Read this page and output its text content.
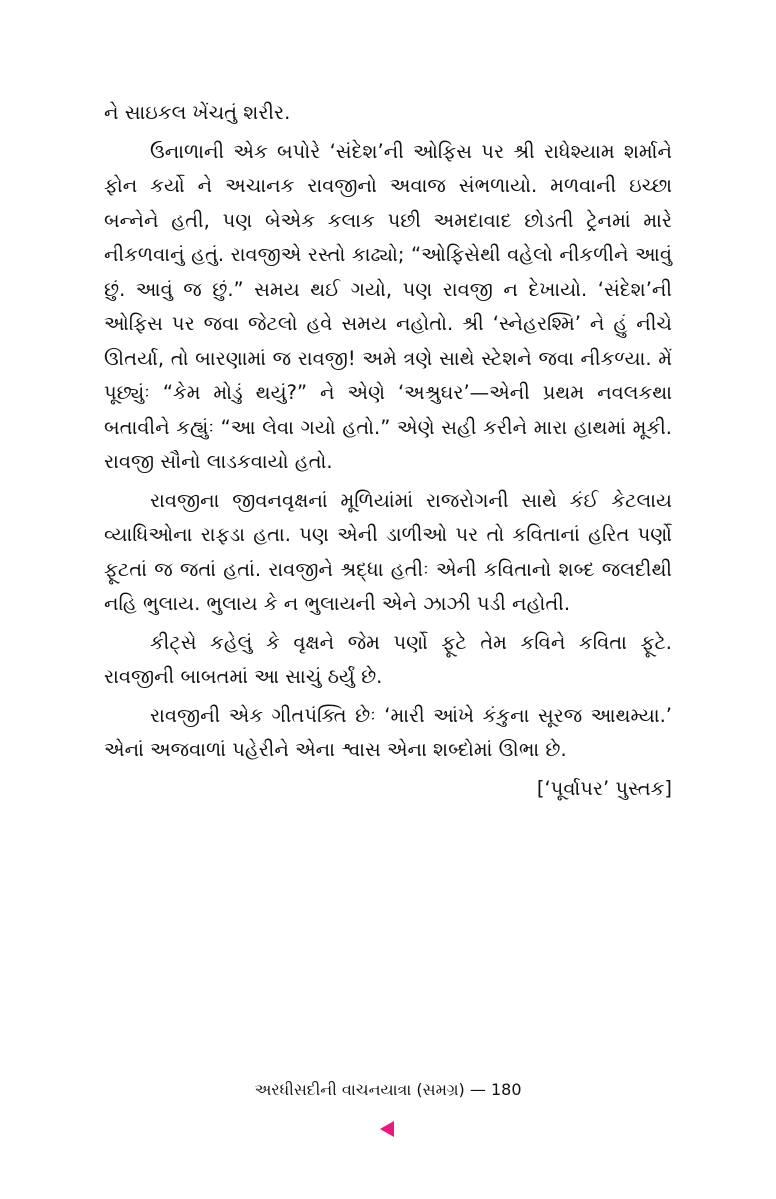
ને સાઇકલ ખેંચતું શરીર.

ઉનાળાની એક બપોરે ‘સંદેશ’ની ઓફિસ પર શ્રી રાધેશ્યામ શર્માને ફોન કર્યો ને અચાનક રાવજીનો અવાજ સંભળાયો. મળવાની ઇચ્છા બન્નેને હતી, પણ બેએક કલાક પછી અમદાવાદ છોડતી ટ્રેનમાં મારે નીકળવાનું હતું. રાવજીએ રસ્તો કાઢ્યો; “ઓફિસેથી વહેલો નીકળીને આવું છું. આવું જ છું.” સમય થઈ ગયો, પણ રાવજી ન દેખાયો. ‘સંદેશ’ની ઓફિસ પર જવા જેટલો હવે સમય નહોતો. શ્રી ‘સ્નેહરશ્મિ’ ને હું નીચે ઊતર્યા, તો બારણામાં જ રાવજી! અમે ત્રણે સાથે સ્ટેશને જવા નીકળ્યા. મેં પૂછ્યુંઃ “કેમ મોડું થયું?” ને એણે ‘અશ્રુઘર’—એની પ્રથમ નવલકથા બતાવીને કહ્યુંઃ “આ લેવા ગયો હતો.” એણે સહી કરીને મારા હાથમાં મૂકી. રાવજી સૌનો લાડકવાયો હતો.

રાવજીના જીવનવૃક્ષનાં મૂળિયાંમાં રાજરોગની સાથે કંઈ કેટલાય વ્યાધિઓના રાફડા હતા. પણ એની ડાળીઓ પર તો કવિતાનાં હરિત પર્ણો ફૂટતાં જ જતાં હતાં. રાવજીને શ્રદ્ધા હતીઃ એની કવિતાનો શબ્દ જલદીથી નહિ ભુલાય. ભુલાય કે ન ભુલાયની એને ઝાઝી પડી નહોતી.

કીટ્સે કહેલું કે વૃક્ષને જેમ પર્ણો ફૂટે તેમ કવિને કવિતા ફૂટે. રાવજીની બાબતમાં આ સાચું ઠર્યું છે.

રાવજીની એક ગીતપંક્તિ છેઃ ‘મારી આંખે કંકુના સૂરજ આથમ્યા.’ એનાં અજવાળાં પહેરીને એના શ્વાસ એના શબ્દોમાં ઊભા છે.

[‘પૂર્વાપર’ પુસ્તક]
અરધીસદીની વાચનયાત્રા (સમગ્ર) — 180
